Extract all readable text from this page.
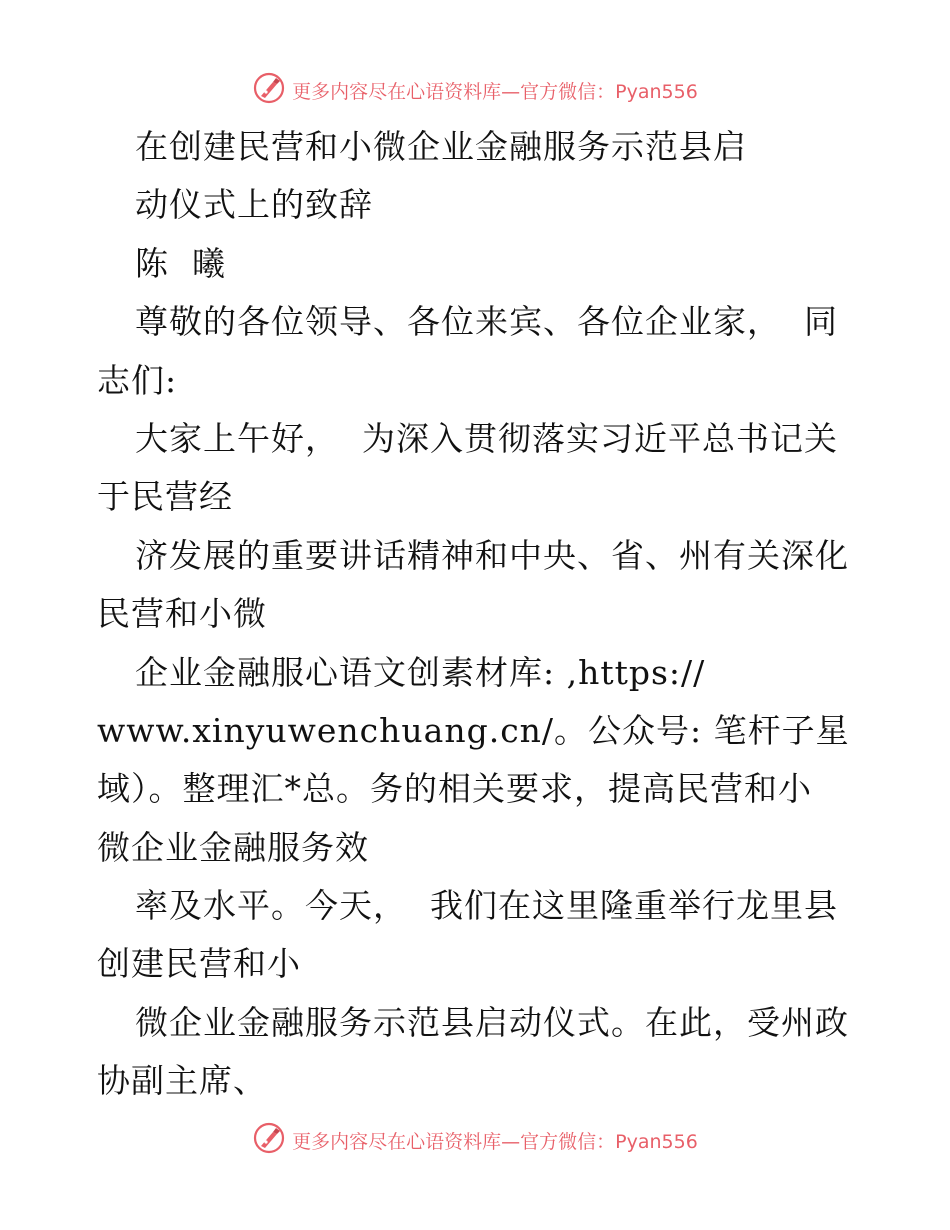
更多内容尽在心语资料库—官方微信：Pyan556
在创建民营和小微企业金融服务示范县启
动仪式上的致辞
陈  曦
尊敬的各位领导、各位来宾、各位企业家，  同
志们:
大家上午好，  为深入贯彻落实习近平总书记关
于民营经
济发展的重要讲话精神和中央、省、州有关深化
民营和小微
企业金融服心语文创素材库: ,https://
www.xinyuwenchuang.cn/。公众号: 笔杆子星
域）。整理汇*总。务的相关要求，提高民营和小
微企业金融服务效
率及水平。今天，  我们在这里隆重举行龙里县
创建民营和小
微企业金融服务示范县启动仪式。在此，受州政
协副主席、
更多内容尽在心语资料库—官方微信：Pyan556
